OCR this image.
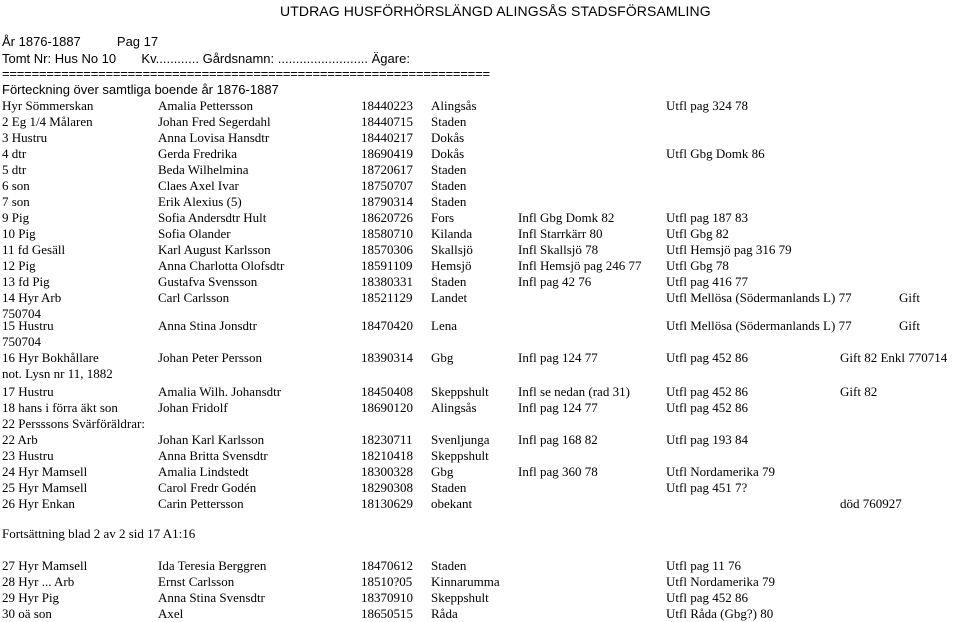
UTDRAG HUSFÖRHÖRSLÄNGD ALINGSÅS STADSFÖRSAMLING
År 1876-1887          Pag 17
Tomt Nr: Hus No 10       Kv............ Gårdsnamn: ......................... Ägare:
==================================================================
Förteckning över samtliga boende år 1876-1887
Hyr Sömmerskan	Amalia Pettersson	18440223 Alingsås	Utfl pag 324 78
2 Eg 1/4 Målaren	Johan Fred Segerdahl	18440715 Staden
3 Hustru	Anna Lovisa Hansdtr	18440217 Dokås
4 dtr	Gerda Fredrika	18690419 Dokås	Utfl Gbg Domk 86
5 dtr	Beda Wilhelmina	18720617 Staden
6 son	Claes Axel Ivar	18750707 Staden
7 son	Erik Alexius (5)	18790314 Staden
9 Pig	Sofia Andersdtr Hult	18620726 Fors	Infl Gbg Domk 82	Utfl pag 187 83
10 Pig	Sofia Olander	18580710 Kilanda	Infl Starrkärr 80	Utfl Gbg 82
11 fd Gesäll	Karl August Karlsson	18570306 Skallsjö	Infl Skallsjö 78	Utfl Hemsjö pag 316 79
12 Pig	Anna Charlotta Olofsdtr	18591109 Hemsjö	Infl Hemsjö pag 246 77 Utfl Gbg 78
13 fd Pig	Gustafva Svensson	18380331 Staden	Infl pag 42 76	Utfl pag 416 77
14 Hyr Arb	Carl Carlsson	18521129 Landet	Utfl Mellösa (Södermanlands L) 77	Gift
750704
15 Hustru	Anna Stina Jonsdtr	18470420 Lena	Utfl Mellösa (Södermanlands L) 77	Gift
750704
16 Hyr Bokhållare	Johan Peter Persson	18390314 Gbg	Infl pag 124 77	Utfl pag 452 86	Gift 82 Enkl 770714
not. Lysn nr 11, 1882
17 Hustru	Amalia Wilh. Johansdtr	18450408 Skeppshult Infl se nedan (rad 31)	Utfl pag 452 86	Gift 82
18 hans i förra äkt son	Johan Fridolf	18690120 Alingsås	Infl pag 124 77	Utfl pag 452 86
22 Persssons Svärföräldrar:
22 Arb	Johan Karl Karlsson	18230711 Svenljunga Infl pag 168 82	Utfl pag 193 84
23 Hustru	Anna Britta Svensdtr	18210418 Skeppshult
24 Hyr Mamsell	Amalia Lindstedt	18300328 Gbg	Infl pag 360 78	Utfl Nordamerika 79
25 Hyr Mamsell	Carol Fredr Godén	18290308 Staden	Utfl pag 451 7?
26 Hyr Enkan	Carin Pettersson	18130629 obekant	död 760927
Fortsättning blad 2 av 2 sid 17 A1:16
27 Hyr Mamsell	Ida Teresia Berggren	18470612 Staden	Utfl pag 11 76
28 Hyr ... Arb	Ernst Carlsson	18510?05 Kinnarumma	Utfl Nordamerika 79
29 Hyr Pig	Anna Stina Svensdtr	18370910 Skeppshult	Utfl pag 452 86
30 oä son	Axel	18650515 Råda	Utfl Råda (Gbg?) 80
